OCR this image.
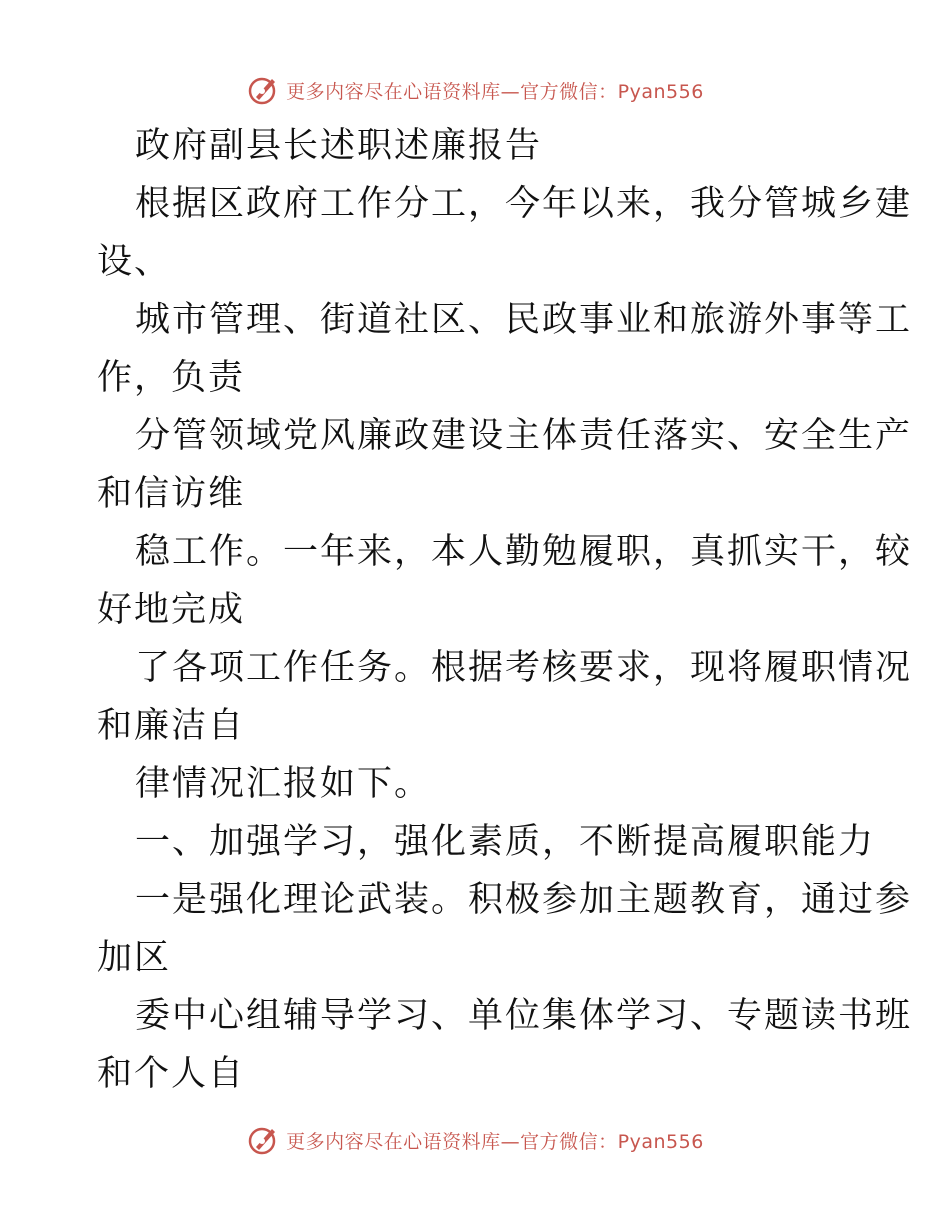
更多内容尽在心语资料库—官方微信：Pyan556
政府副县长述职述廉报告
根据区政府工作分工，今年以来，我分管城乡建
设、
城市管理、街道社区、民政事业和旅游外事等工
作，负责
分管领域党风廉政建设主体责任落实、安全生产
和信访维
稳工作。一年来，本人勤勉履职，真抓实干，较
好地完成
了各项工作任务。根据考核要求，现将履职情况
和廉洁自
律情况汇报如下。
一、加强学习，强化素质，不断提高履职能力
一是强化理论武装。积极参加主题教育，通过参
加区
委中心组辅导学习、单位集体学习、专题读书班
和个人自
更多内容尽在心语资料库—官方微信：Pyan556
